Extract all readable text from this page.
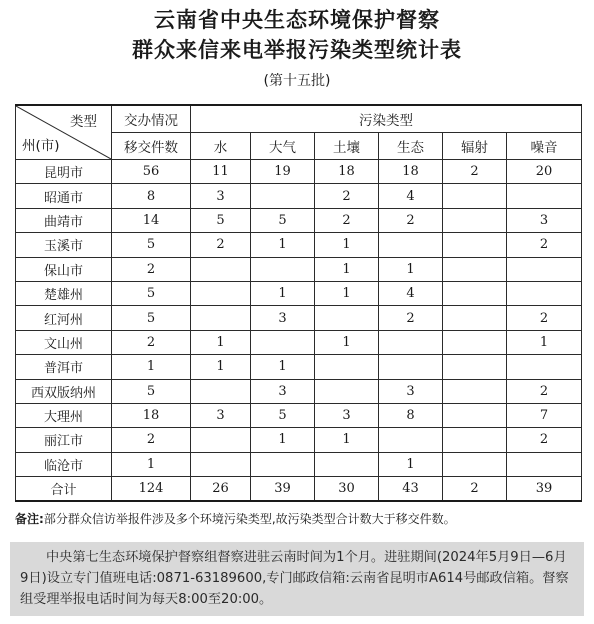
云南省中央生态环境保护督察
群众来信来电举报污染类型统计表
(第十五批)
类型
州(市)	交办情况	污染类型					
	移交件数	水	大气	土壤	生态	辐射	噪音
昆明市	56	11	19	18	18	2	20
昭通市	8	3		2	4		
曲靖市	14	5	5	2	2		3
玉溪市	5	2	1	1			2
保山市	2			1	1		
楚雄州	5		1	1	4		
红河州	5		3		2		2
文山州	2	1		1			1
普洱市	1	1	1				
西双版纳州	5		3		3		2
大理州	18	3	5	3	8		7
丽江市	2		1	1			2
临沧市	1				1		
合计	124	26	39	30	43	2	39
备注:部分群众信访举报件涉及多个环境污染类型,故污染类型合计数大于移交件数。
中央第七生态环境保护督察组督察进驻云南时间为1个月。进驻期间(2024年5月9日—6月9日)设立专门值班电话:0871-63189600,专门邮政信箱:云南省昆明市A614号邮政信箱。督察组受理举报电话时间为每天8:00至20:00。
